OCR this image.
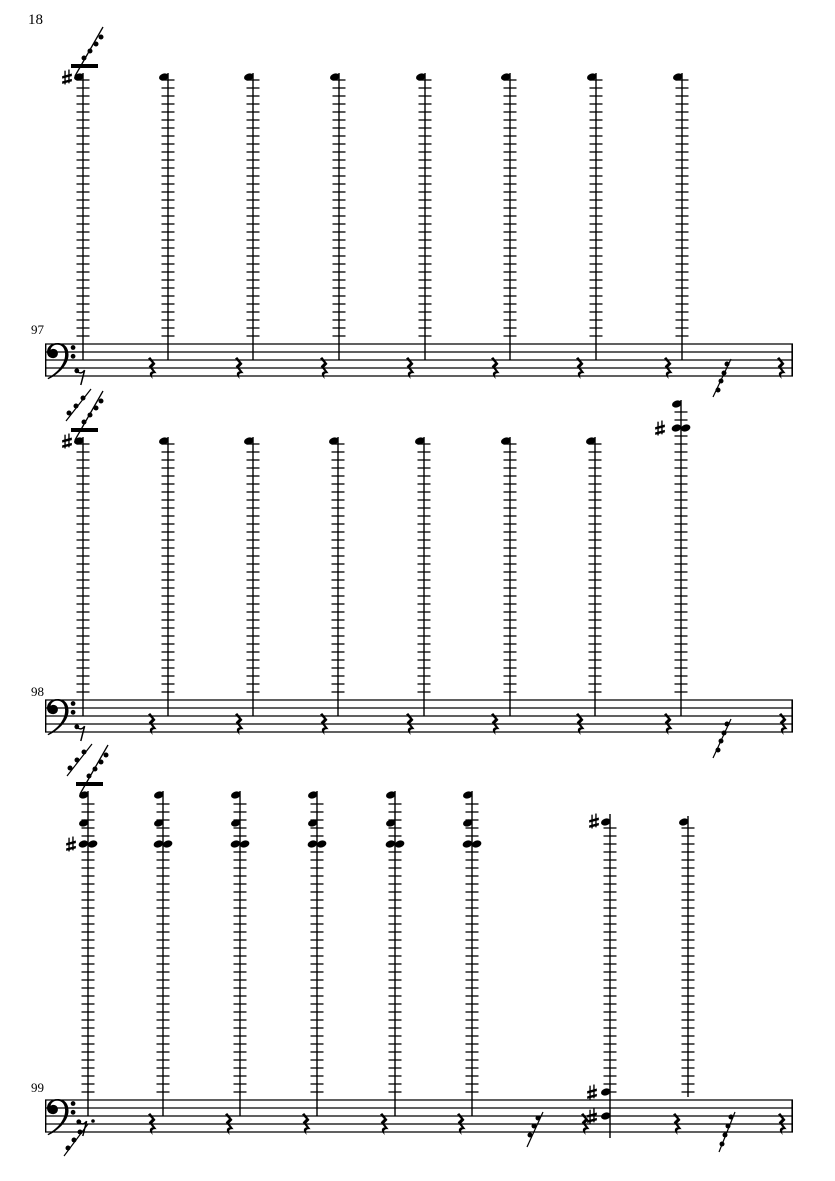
18
97
98
99
